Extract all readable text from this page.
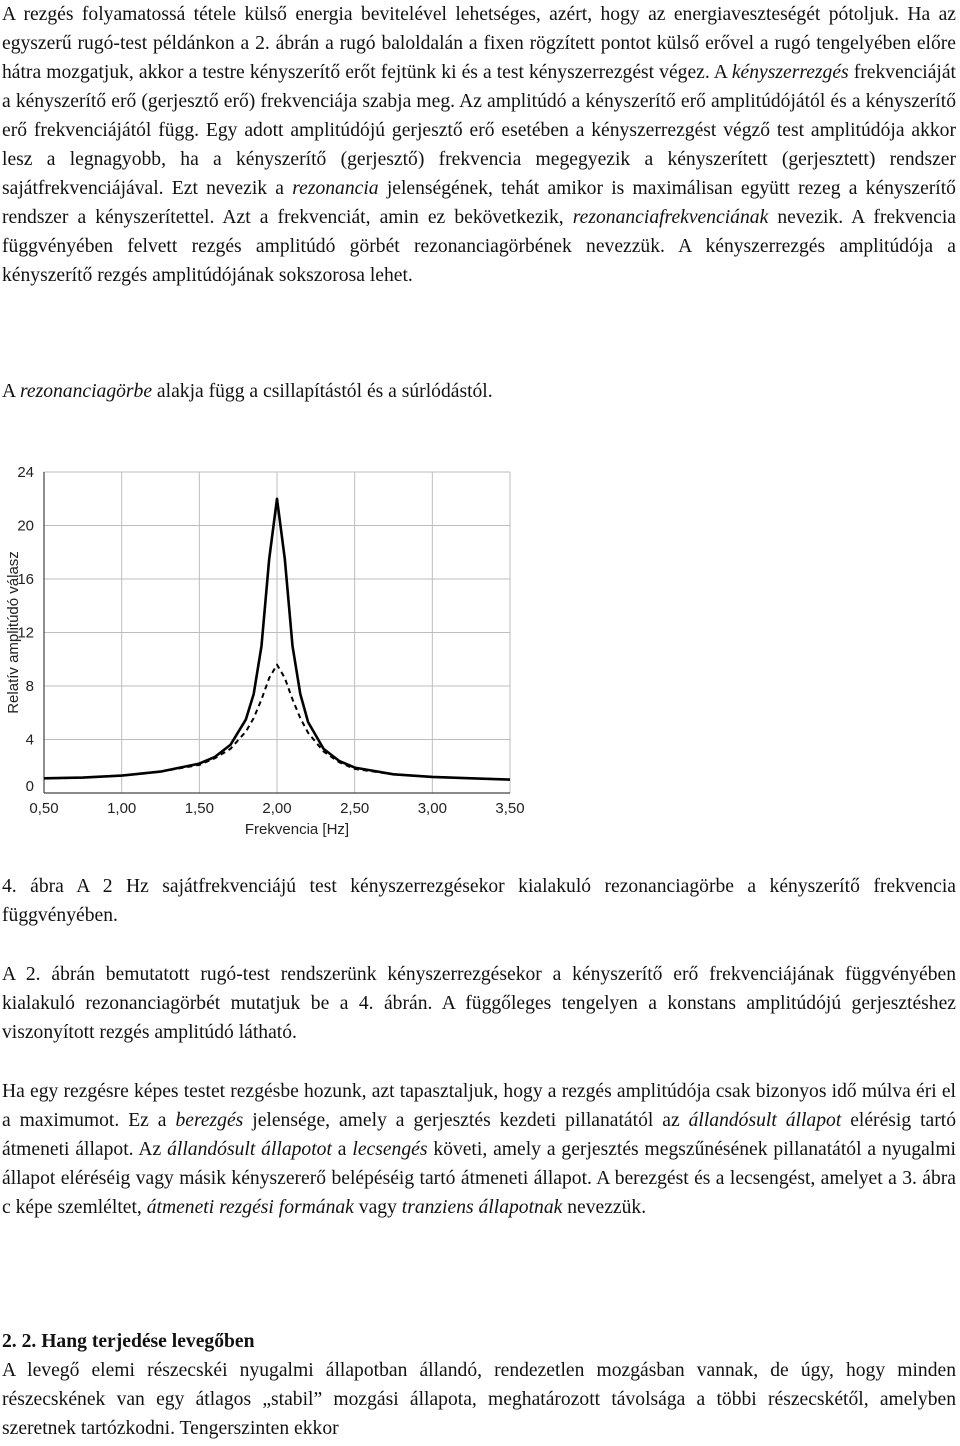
A rezgés folyamatossá tétele külső energia bevitelével lehetséges, azért, hogy az energiaveszteségét pótoljuk. Ha az egyszerű rugó-test példánkon a 2. ábrán a rugó baloldalán a fixen rögzített pontot külső erővel a rugó tengelyében előre hátra mozgatjuk, akkor a testre kényszerítő erőt fejtünk ki és a test kényszerrezgést végez. A kényszerrezgés frekvenciáját a kényszerítő erő (gerjesztő erő) frekvenciája szabja meg. Az amplitúdó a kényszerítő erő amplitúdójától és a kényszerítő erő frekvenciájától függ. Egy adott amplitúdójú gerjesztő erő esetében a kényszerrezgést végző test amplitúdója akkor lesz a legnagyobb, ha a kényszerítő (gerjesztő) frekvencia megegyezik a kényszerített (gerjesztett) rendszer sajátfrekvenciájával. Ezt nevezik a rezonancia jelenségének, tehát amikor is maximálisan együtt rezeg a kényszerítő rendszer a kényszerítettel. Azt a frekvenciát, amin ez bekövetkezik, rezonanciafrekvenciának nevezik. A frekvencia függvényében felvett rezgés amplitúdó görbét rezonanciagörbének nevezzük. A kényszerrezgés amplitúdója a kényszerítő rezgés amplitúdójának sokszorosa lehet.

A rezonanciagörbe alakja függ a csillapítástól és a súrlódástól.

0,50	1,00	1,50	2,00	2,50	3,00	3,50
0
4
8
12
16
20
24
Frekvencia [Hz]
Relatív amplitúdó válasz

4. ábra A 2 Hz sajátfrekvenciájú test kényszerrezgésekor kialakuló rezonanciagörbe a kényszerítő frekvencia függvényében.

A 2. ábrán bemutatott rugó-test rendszerünk kényszerrezgésekor a kényszerítő erő frekvenciájának függvényében kialakuló rezonanciagörbét mutatjuk be a 4. ábrán. A függőleges tengelyen a konstans amplitúdójú gerjesztéshez viszonyított rezgés amplitúdó látható.

Ha egy rezgésre képes testet rezgésbe hozunk, azt tapasztaljuk, hogy a rezgés amplitúdója csak bizonyos idő múlva éri el a maximumot. Ez a berezgés jelensége, amely a gerjesztés kezdeti pillanatától az állandósult állapot elérésig tartó átmeneti állapot. Az állandósult állapotot a lecsengés követi, amely a gerjesztés megszűnésének pillanatától a nyugalmi állapot eléréséig vagy másik kényszererő belépéséig tartó átmeneti állapot. A berezgést és a lecsengést, amelyet a 3. ábra c képe szemléltet, átmeneti rezgési formának vagy tranziens állapotnak nevezzük.

2. 2. Hang terjedése levegőben

A levegő elemi részecskéi nyugalmi állapotban állandó, rendezetlen mozgásban vannak, de úgy, hogy minden részecskének van egy átlagos „stabil” mozgási állapota, meghatározott távolsága a többi részecskétől, amelyben szeretnek tartózkodni. Tengerszinten ekkor
